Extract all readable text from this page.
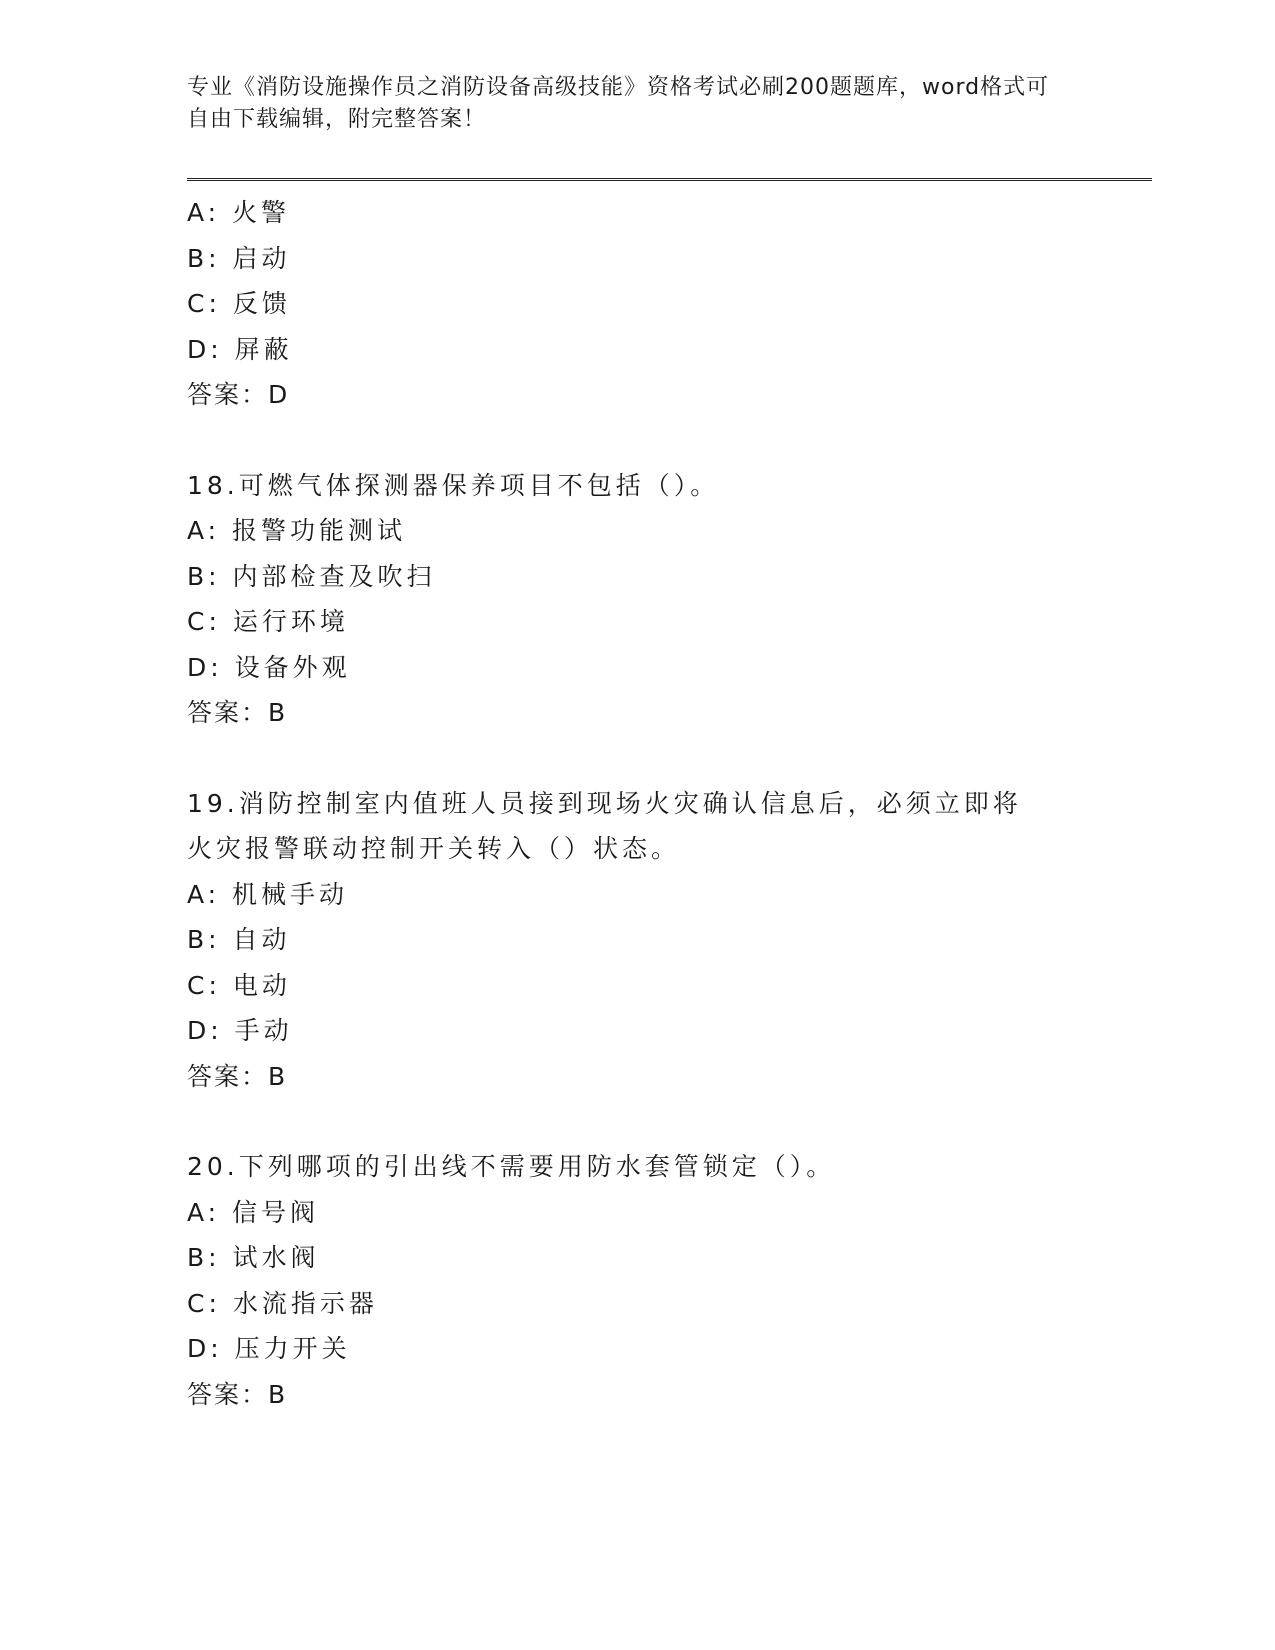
专业《消防设施操作员之消防设备高级技能》资格考试必刷200题题库，word格式可自由下载编辑，附完整答案！
A: 火警
B: 启动
C: 反馈
D: 屏蔽
答案：D
18.可燃气体探测器保养项目不包括（）。
A: 报警功能测试
B: 内部检查及吹扫
C: 运行环境
D: 设备外观
答案：B
19.消防控制室内值班人员接到现场火灾确认信息后，必须立即将火灾报警联动控制开关转入（）状态。
A: 机械手动
B: 自动
C: 电动
D: 手动
答案：B
20.下列哪项的引出线不需要用防水套管锁定（）。
A: 信号阀
B: 试水阀
C: 水流指示器
D: 压力开关
答案：B
